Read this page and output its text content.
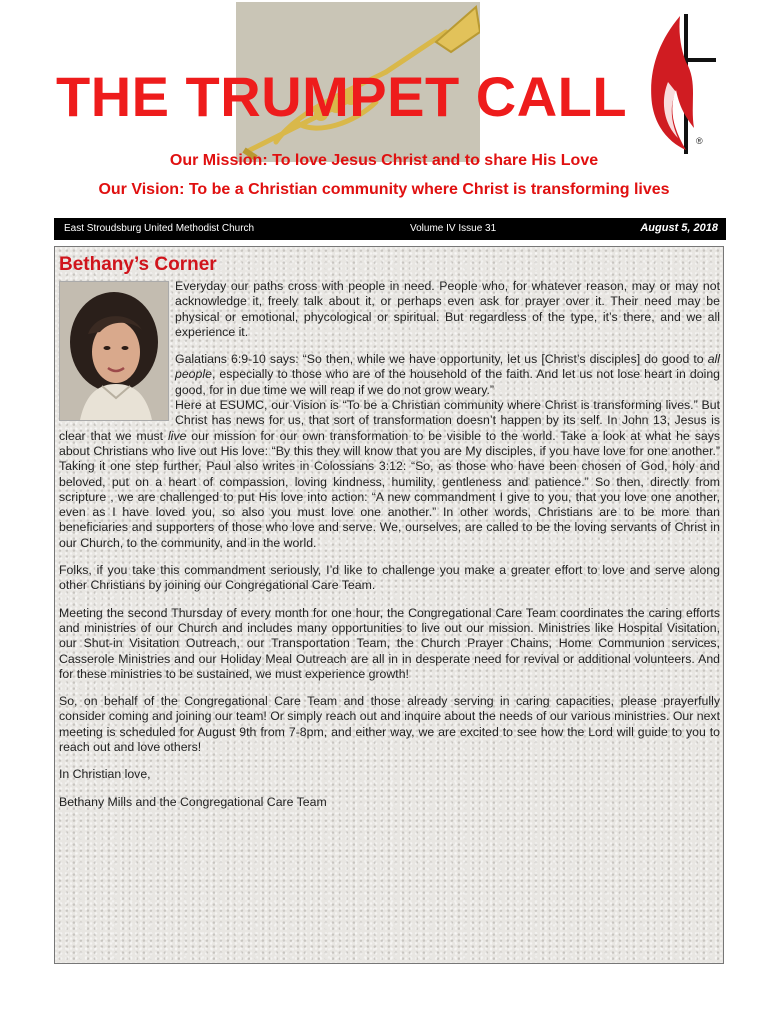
THE TRUMPET CALL
®
Our Mission: To love Jesus Christ and to share His Love
Our Vision: To be a Christian community where Christ is transforming lives
East Stroudsburg United Methodist Church	Volume IV Issue 31	August 5, 2018
Bethany’s Corner

Everyday our paths cross with people in need. People who, for whatever reason, may or may not acknowledge it, freely talk about it, or perhaps even ask for prayer over it. Their need may be physical or emotional, phycological or spiritual. But regardless of the type, it’s there, and we all experience it.

Galatians 6:9-10 says: “So then, while we have opportunity, let us [Christ’s disciples] do good to all people, especially to those who are of the household of the faith. And let us not lose heart in doing good, for in due time we will reap if we do not grow weary.”

Here at ESUMC, our Vision is “To be a Christian community where Christ is transforming lives.” But Christ has news for us, that sort of transformation doesn’t happen by its self. In John 13, Jesus is clear that we must live our mission for our own transformation to be visible to the world. Take a look at what he says about Christians who live out His love: “By this they will know that you are My disciples, if you have love for one another.” Taking it one step further, Paul also writes in Colossians 3:12: “So, as those who have been chosen of God, holy and beloved, put on a heart of compassion, loving kindness, humility, gentleness and patience.” So then, directly from scripture , we are challenged to put His love into action: “A new commandment I give to you, that you love one another, even as I have loved you, so also you must love one another.” In other words, Christians are to be more than beneficiaries and supporters of those who love and serve. We, ourselves, are called to be the loving servants of Christ in our Church, to the community, and in the world.

Folks, if you take this commandment seriously, I’d like to challenge you make a greater effort to love and serve along other Christians by joining our Congregational Care Team.

Meeting the second Thursday of every month for one hour, the Congregational Care Team coordinates the caring efforts and ministries of our Church and includes many opportunities to live out our mission. Ministries like Hospital Visitation, our Shut-in Visitation Outreach, our Transportation Team, the Church Prayer Chains, Home Communion services, Casserole Ministries and our Holiday Meal Outreach are all in in desperate need for revival or additional volunteers. And for these ministries to be sustained, we must experience growth!

So, on behalf of the Congregational Care Team and those already serving in caring capacities, please prayerfully consider coming and joining our team! Or simply reach out and inquire about the needs of our various ministries. Our next meeting is scheduled for August 9th from 7-8pm, and either way, we are excited to see how the Lord will guide to you to reach out and love others!

In Christian love,

Bethany Mills and the Congregational Care Team
